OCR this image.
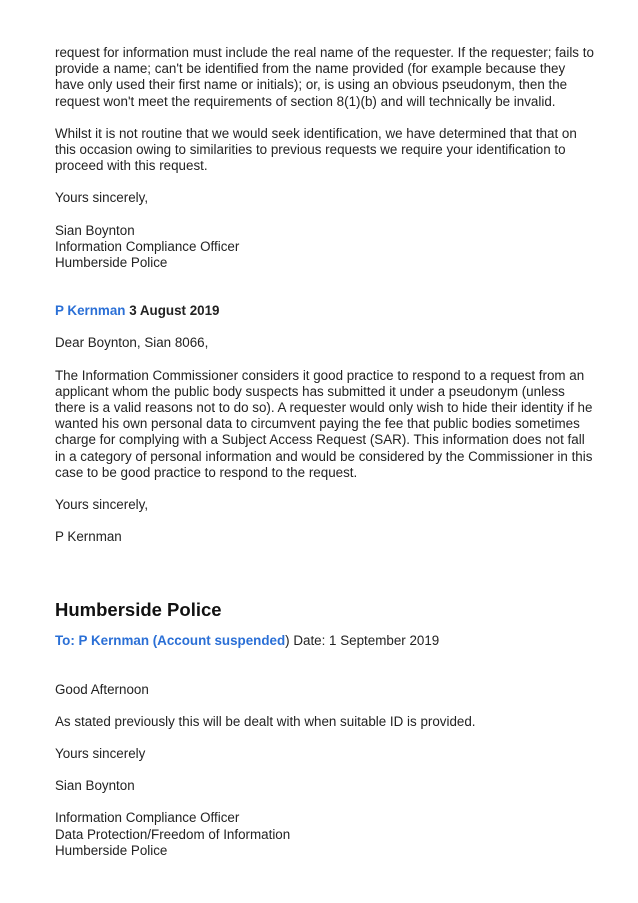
request for information must include the real name of the requester. If the requester; fails to provide a name; can't be identified from the name provided (for example because they have only used their first name or initials); or, is using an obvious pseudonym, then the request won't meet the requirements of section 8(1)(b) and will technically be invalid.

Whilst it is not routine that we would seek identification, we have determined that that on this occasion owing to similarities to previous requests we require your identification to proceed with this request.

Yours sincerely,

Sian Boynton

Information Compliance Officer

Humberside Police

P Kernman 3 August 2019

Dear Boynton, Sian 8066,

The Information Commissioner considers it good practice to respond to a request from an applicant whom the public body suspects has submitted it under a pseudonym (unless there is a valid reasons not to do so). A requester would only wish to hide their identity if he wanted his own personal data to circumvent paying the fee that public bodies sometimes charge for complying with a Subject Access Request (SAR). This information does not fall in a category of personal information and would be considered by the Commissioner in this case to be good practice to respond to the request.

Yours sincerely,

P Kernman

Humberside Police

To: P Kernman (Account suspended) Date: 1 September 2019

Good Afternoon

As stated previously this will be dealt with when suitable ID is provided.

Yours sincerely

Sian Boynton

Information Compliance Officer

Data Protection/Freedom of Information

Humberside Police
